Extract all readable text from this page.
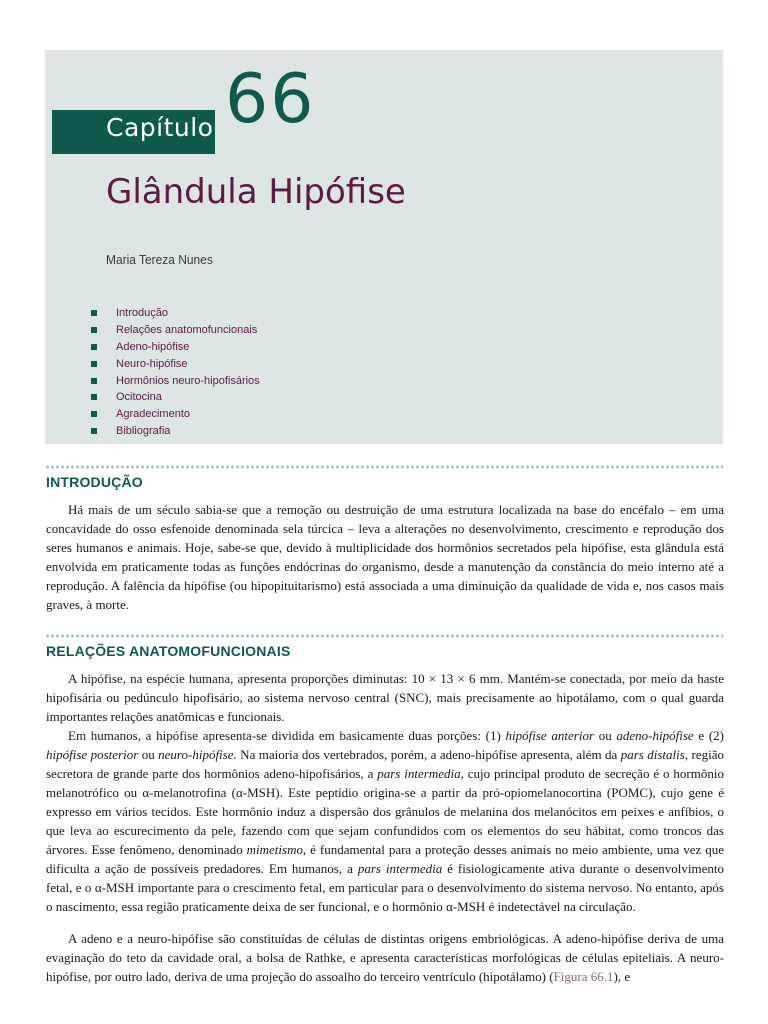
Capítulo 66
Glândula Hipófise
Maria Tereza Nunes
Introdução
Relações anatomofuncionais
Adeno-hipófise
Neuro-hipófise
Hormônios neuro-hipofisários
Ocitocina
Agradecimento
Bibliografia
INTRODUÇÃO

Há mais de um século sabia-se que a remoção ou destruição de uma estrutura localizada na base do encéfalo – em uma concavidade do osso esfenoide denominada sela túrcica – leva a alterações no desenvolvimento, crescimento e reprodução dos seres humanos e animais. Hoje, sabe-se que, devido à multiplicidade dos hormônios secretados pela hipófise, esta glândula está envolvida em praticamente todas as funções endócrinas do organismo, desde a manutenção da constância do meio interno até a reprodução. A falência da hipófise (ou hipopituitarismo) está associada a uma diminuição da qualidade de vida e, nos casos mais graves, à morte.

RELAÇÕES ANATOMOFUNCIONAIS

A hipófise, na espécie humana, apresenta proporções diminutas: 10 × 13 × 6 mm. Mantém-se conectada, por meio da haste hipofisária ou pedúnculo hipofisário, ao sistema nervoso central (SNC), mais precisamente ao hipotálamo, com o qual guarda importantes relações anatômicas e funcionais.

Em humanos, a hipófise apresenta-se dividida em basicamente duas porções: (1) hipófise anterior ou adeno-hipófise e (2) hipófise posterior ou neuro-hipófise. Na maioria dos vertebrados, porém, a adeno-hipófise apresenta, além da pars distalis, região secretora de grande parte dos hormônios adeno-hipofisários, a pars intermedia, cujo principal produto de secreção é o hormônio melanotrófico ou α-melanotrofina (α-MSH). Este peptídio origina-se a partir da pró-opiomelanocortina (POMC), cujo gene é expresso em vários tecidos. Este hormônio induz a dispersão dos grânulos de melanina dos melanócitos em peixes e anfíbios, o que leva ao escurecimento da pele, fazendo com que sejam confundidos com os elementos do seu hábitat, como troncos das árvores. Esse fenômeno, denominado mimetismo, é fundamental para a proteção desses animais no meio ambiente, uma vez que dificulta a ação de possíveis predadores. Em humanos, a pars intermedia é fisiologicamente ativa durante o desenvolvimento fetal, e o α-MSH importante para o crescimento fetal, em particular para o desenvolvimento do sistema nervoso. No entanto, após o nascimento, essa região praticamente deixa de ser funcional, e o hormônio α-MSH é indetectável na circulação.

A adeno e a neuro-hipófise são constituídas de células de distintas origens embriológicas. A adeno-hipófise deriva de uma evaginação do teto da cavidade oral, a bolsa de Rathke, e apresenta características morfológicas de células epiteliais. A neuro-hipófise, por outro lado, deriva de uma projeção do assoalho do terceiro ventrículo (hipotálamo) (Figura 66.1), e
